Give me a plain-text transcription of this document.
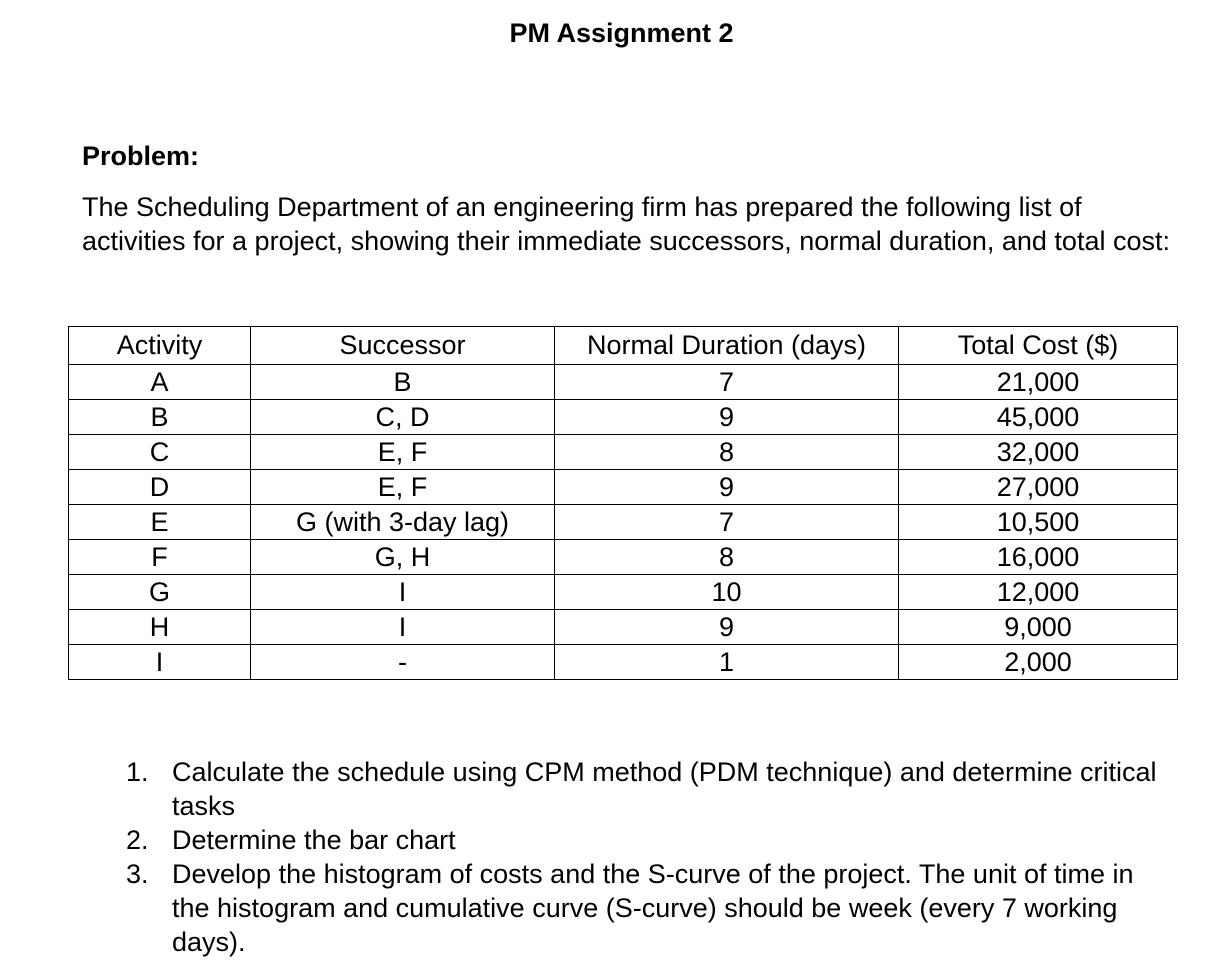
PM Assignment 2
Problem:

The Scheduling Department of an engineering firm has prepared the following list of activities for a project, showing their immediate successors, normal duration, and total cost:

Activity	Successor	Normal Duration (days)	Total Cost ($)
A	B	7	21,000
B	C, D	9	45,000
C	E, F	8	32,000
D	E, F	9	27,000
E	G (with 3-day lag)	7	10,500
F	G, H	8	16,000
G	I	10	12,000
H	I	9	9,000
I	-	1	2,000
1. Calculate the schedule using CPM method (PDM technique) and determine critical tasks
2. Determine the bar chart
3. Develop the histogram of costs and the S-curve of the project. The unit of time in the histogram and cumulative curve (S-curve) should be week (every 7 working days).
